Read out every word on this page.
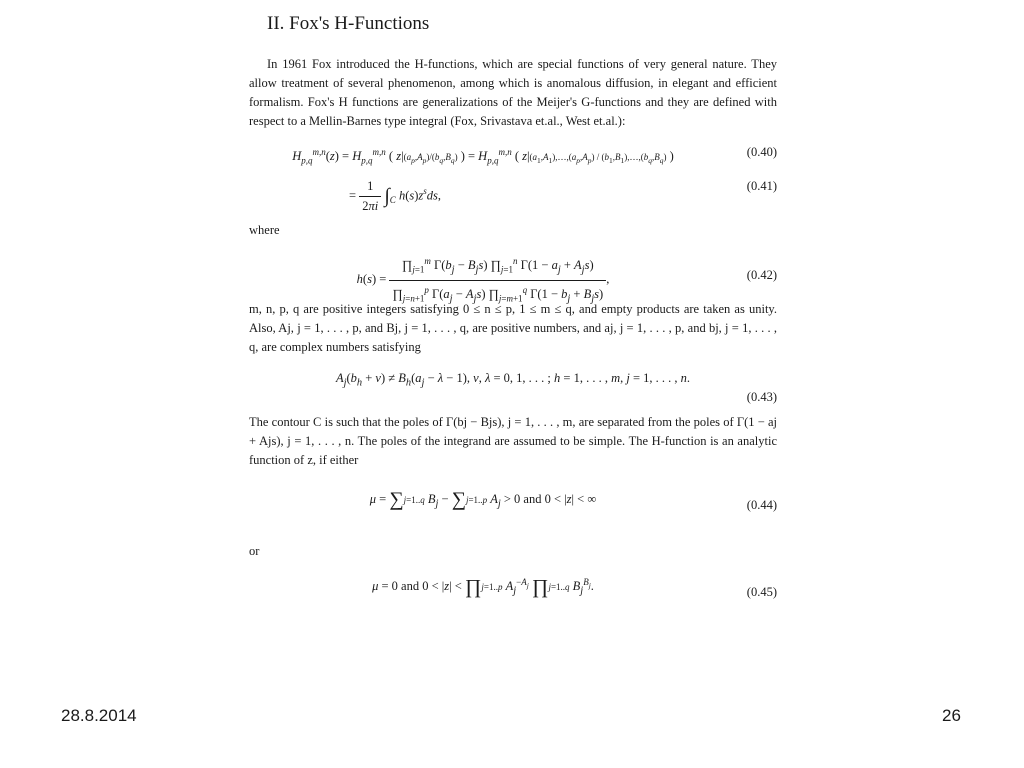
II. Fox's H-Functions

In 1961 Fox introduced the H-functions, which are special functions of very general nature. They allow treatment of several phenomenon, among which is anomalous diffusion, in elegant and efficient formalism. Fox's H functions are generalizations of the Meijer's G-functions and they are defined with respect to a Mellin-Barnes type integral (Fox, Srivastava et.al., West et.al.):

$H_{p,q}^{m,n}(z) = H_{p,q}^{m,n}$ ( $z|(a_p,A_p)/(b_q,B_q)$ ) = $H_{p,q}^{m,n}$ ( $z|(a_1,A_1),\dots,(a_p,A_p)$ / $(b_1,B_1),\dots,(b_q,B_q)$ )	(0.40)
= $\frac{1}{2\pi i} \int_C$ $h(s)z^sds$,
(0.41)

where

$h(s) = \frac{\prod_{j=1}^m \Gamma(b_j - B_js) \prod_{j=1}^n \Gamma(1 - a_j + A_js)}{\prod_{j=n+1}^p \Gamma(a_j - A_js) \prod_{j=m+1}^q \Gamma(1 - b_j + B_js)}$ ,	(0.42)

m, n, p, q are positive integers satisfying 0 ≤ n ≤ p, 1 ≤ m ≤ q, and empty products are taken as unity. Also, Aj, j = 1, . . . , p, and Bj, j = 1, . . . , q, are positive numbers, and aj, j = 1, . . . , p, and bj, j = 1, . . . , q, are complex numbers satisfying

$A_j(b_h + \nu) \ne B_h(a_j - \lambda - 1)$, ν, λ = 0, 1, . . . ; h = 1, . . . , m, j = 1, . . . , n.
(0.43)

The contour C is such that the poles of Γ(bj − Bjs), j = 1, . . . , m, are separated from the poles of Γ(1 − aj + Ajs), j = 1, . . . , n. The poles of the integrand are assumed to be simple. The H-function is an analytic function of z, if either

μ = ∑j=1..q $B_j - \sum j=1..p$ $A_j > 0$ and 0 < |z| < ∞	(0.44)

or

μ = 0 and 0 < |z| < ∏j=1..p $A_j^{-A_j}$ ∏j=1..q $B_j^{B_j}$.	(0.45)
28.8.2014	26
